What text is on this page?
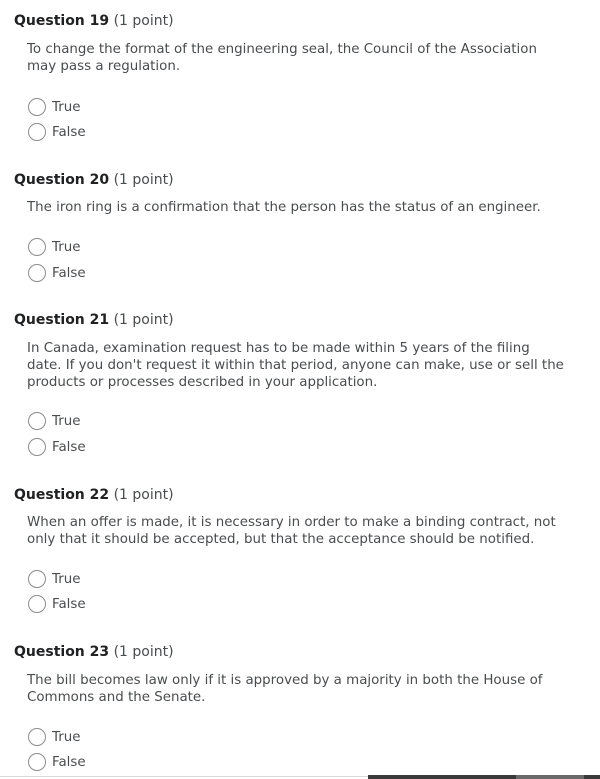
Question 19 (1 point)
To change the format of the engineering seal, the Council of the Association may pass a regulation.
True
False
Question 20 (1 point)
The iron ring is a confirmation that the person has the status of an engineer.
True
False
Question 21 (1 point)
In Canada, examination request has to be made within 5 years of the filing date. If you don't request it within that period, anyone can make, use or sell the products or processes described in your application.
True
False
Question 22 (1 point)
When an offer is made, it is necessary in order to make a binding contract, not only that it should be accepted, but that the acceptance should be notified.
True
False
Question 23 (1 point)
The bill becomes law only if it is approved by a majority in both the House of Commons and the Senate.
True
False
